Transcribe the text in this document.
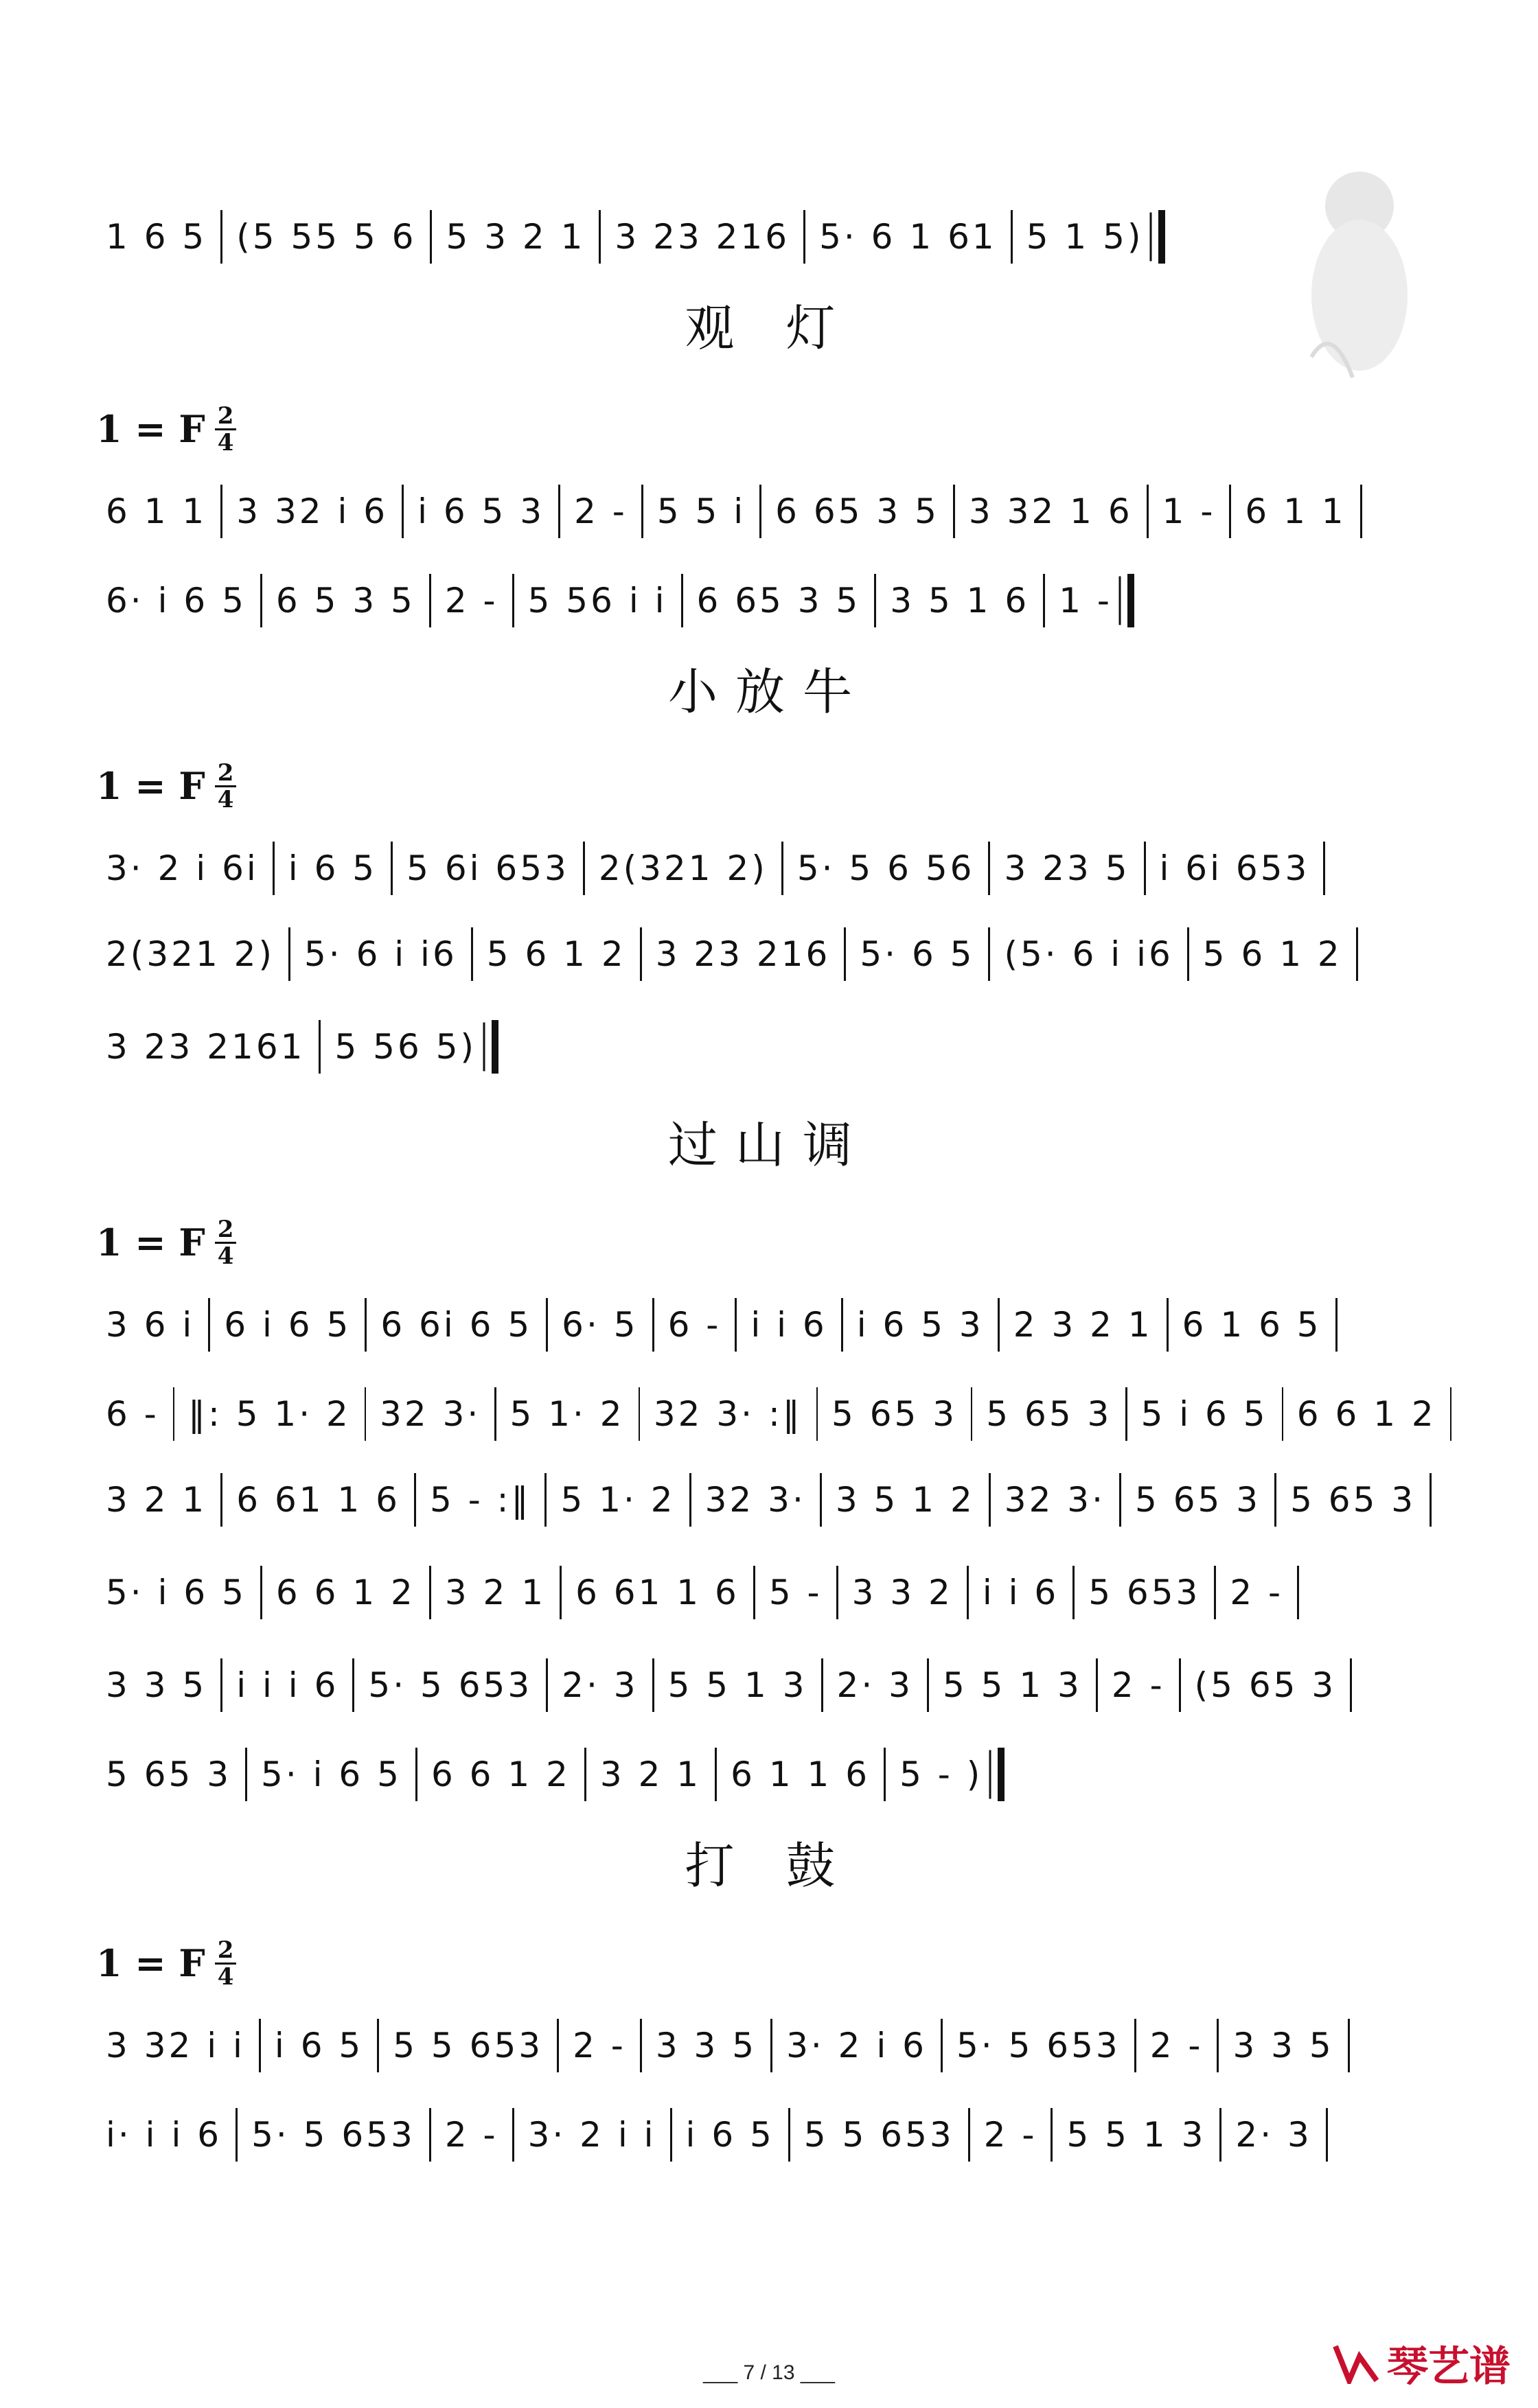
1 6 5 (5 55 5 6 5 3 2 1 3 23 216 5· 6 1 61 5 1 5)
观 灯
1 = F 2
4
6 1 1 3 32 i 6 i 6 5 3 2 - 5 5 i 6 65 3 5 3 32 1 6 1 - 6 1 1
6· i 6 5 6 5 3 5 2 - 5 56 i i 6 65 3 5 3 5 1 6 1 -
小放牛
1 = F 2
4
3· 2 i 6i i 6 5 5 6i 653 2(321 2) 5· 5 6 56 3 23 5 i 6i 653
2(321 2) 5· 6 i i6 5 6 1 2 3 23 216 5· 6 5 (5· 6 i i6 5 6 1 2
3 23 2161 5 56 5)
过山调
1 = F 2
4
3 6 i 6 i 6 5 6 6i 6 5 6· 5 6 - i i 6 i 6 5 3 2 3 2 1 6 1 6 5
6 - ‖: 5 1· 2 32 3· 5 1· 2 32 3· :‖ 5 65 3 5 65 3 5 i 6 5 6 6 1 2
3 2 1 6 61 1 6 5 - :‖ 5 1· 2 32 3· 3 5 1 2 32 3· 5 65 3 5 65 3
5· i 6 5 6 6 1 2 3 2 1 6 61 1 6 5 - 3 3 2 i i 6 5 653 2 -
3 3 5 i i i 6 5· 5 653 2· 3 5 5 1 3 2· 3 5 5 1 3 2 - (5 65 3
5 65 3 5· i 6 5 6 6 1 2 3 2 1 6 1 1 6 5 - )
打 鼓
1 = F 2
4
3 32 i i i 6 5 5 5 653 2 - 3 3 5 3· 2 i 6 5· 5 653 2 - 3 3 5
i· i i 6 5· 5 653 2 - 3· 2 i i i 6 5 5 5 653 2 - 5 5 1 3 2· 3
___ 7 / 13 ___	琴艺谱
